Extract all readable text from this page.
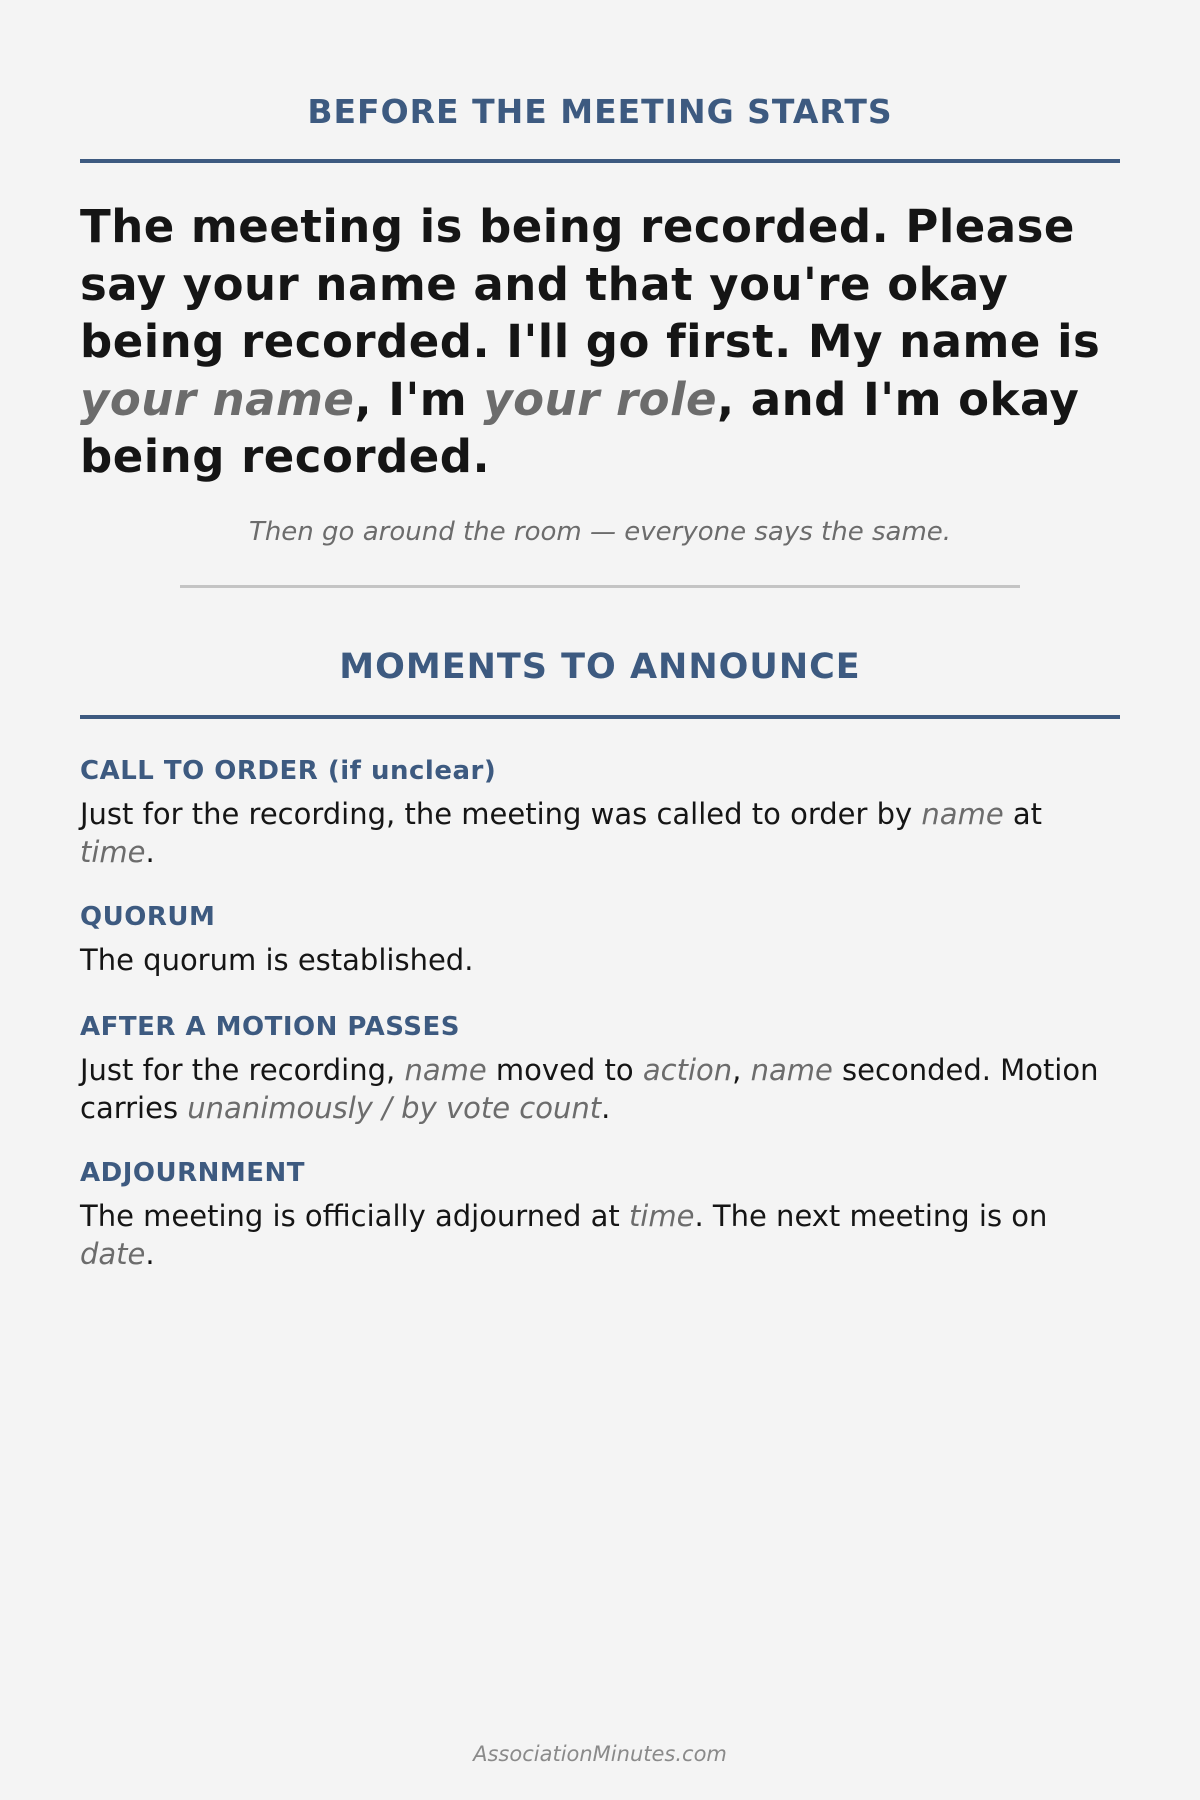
BEFORE THE MEETING STARTS

The meeting is being recorded. Please say your name and that you're okay being recorded. I'll go first. My name is your name, I'm your role, and I'm okay being recorded.

Then go around the room — everyone says the same.

MOMENTS TO ANNOUNCE
CALL TO ORDER (if unclear)

Just for the recording, the meeting was called to order by name at time.

QUORUM

The quorum is established.

AFTER A MOTION PASSES

Just for the recording, name moved to action, name seconded. Motion carries unanimously / by vote count.

ADJOURNMENT

The meeting is officially adjourned at time. The next meeting is on date.

AssociationMinutes.com
